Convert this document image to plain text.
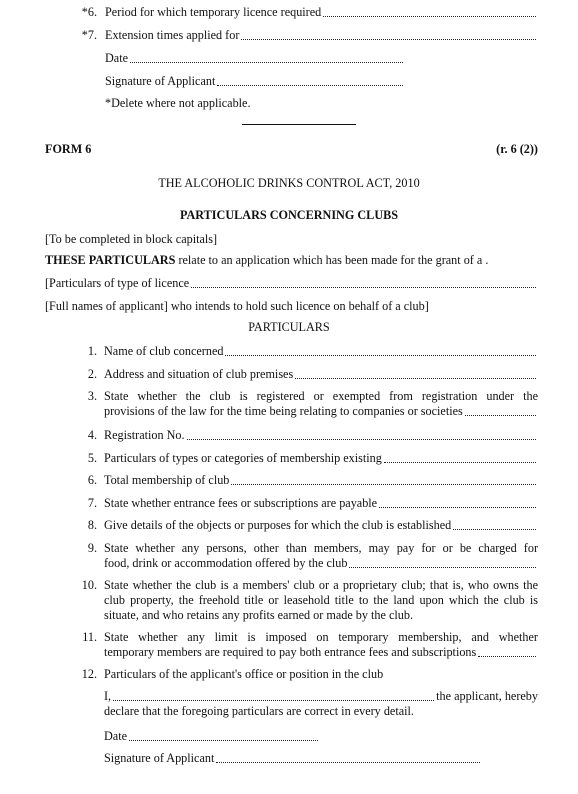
*6. Period for which temporary licence required
*7. Extension times applied for
Date
Signature of Applicant
*Delete where not applicable.
FORM 6	(r. 6 (2))
THE ALCOHOLIC DRINKS CONTROL ACT, 2010
PARTICULARS CONCERNING CLUBS
[To be completed in block capitals]
THESE PARTICULARS relate to an application which has been made for the grant of a .
[Particulars of type of licence
[Full names of applicant] who intends to hold such licence on behalf of a club]
PARTICULARS
1. Name of club concerned
2. Address and situation of club premises
3. State whether the club is registered or exempted from registration under the
provisions of the law for the time being relating to companies or societies
4. Registration No.
5. Particulars of types or categories of membership existing
6. Total membership of club
7. State whether entrance fees or subscriptions are payable
8. Give details of the objects or purposes for which the club is established
9. State whether any persons, other than members, may pay for or be charged for
food, drink or accommodation offered by the club
10. State whether the club is a members' club or a proprietary club; that is, who owns the club property, the freehold title or leasehold title to the land upon which the club is situate, and who retains any profits earned or made by the club.
11. State whether any limit is imposed on temporary membership, and whether
temporary members are required to pay both entrance fees and subscriptions
12. Particulars of the applicant's office or position in the club
I,	the applicant, hereby
declare that the foregoing particulars are correct in every detail.
Date
Signature of Applicant
